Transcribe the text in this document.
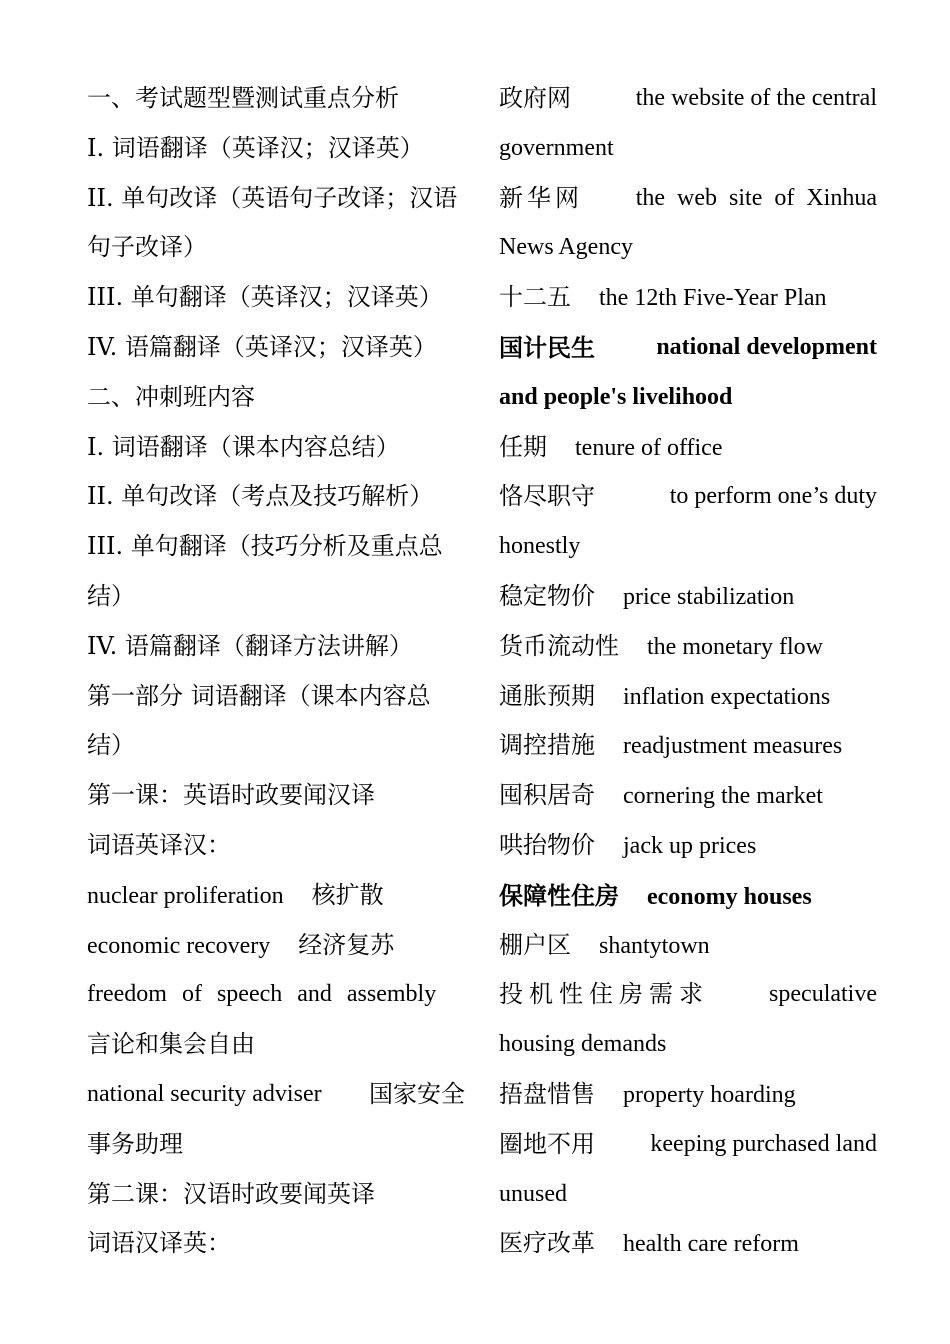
一、考试题型暨测试重点分析
I. 词语翻译（英译汉；汉译英）
II. 单句改译（英语句子改译；汉语
句子改译）
III. 单句翻译（英译汉；汉译英）
IV. 语篇翻译（英译汉；汉译英）
二、冲刺班内容
I. 词语翻译（课本内容总结）
II. 单句改译（考点及技巧解析）
III. 单句翻译（技巧分析及重点总
结）
IV. 语篇翻译（翻译方法讲解）
第一部分 词语翻译（课本内容总
结）
第一课：英语时政要闻汉译
词语英译汉：
nuclear proliferation 核扩散
economic recovery 经济复苏
freedom of speech and assembly
言论和集会自由
national security adviser 国家安全
事务助理
第二课：汉语时政要闻英译
词语汉译英：
政府网	the website of the central
government
新华网 the web site of Xinhua
News Agency
十二五 the 12th Five-Year Plan
国计民生	national development
and people's livelihood
任期 tenure of office
恪尽职守	to perform one’s duty
honestly
稳定物价 price stabilization
货币流动性 the monetary flow
通胀预期 inflation expectations
调控措施 readjustment measures
囤积居奇 cornering the market
哄抬物价 jack up prices
保障性住房 economy houses
棚户区 shantytown
投机性住房需求	speculative
housing demands
捂盘惜售 property hoarding
圈地不用 keeping purchased land
unused
医疗改革 health care reform
